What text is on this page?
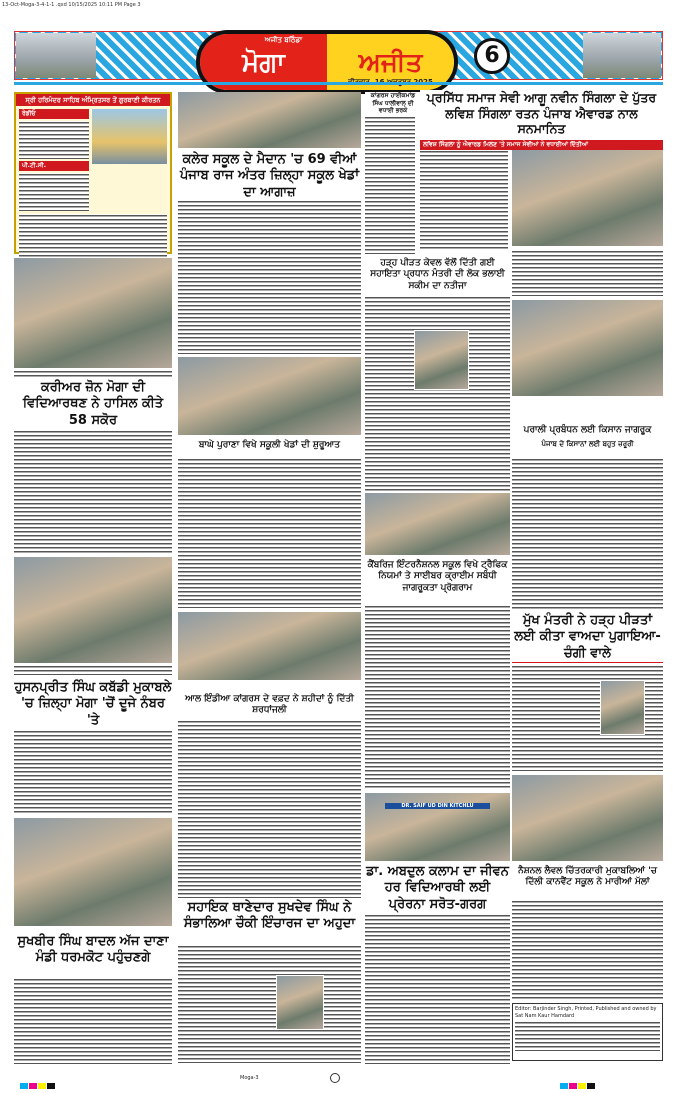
13-Oct-Moga-3-4-1-1 .qxd 10/15/2025 10:11 PM Page 3
ਅਜੀਤ ਬਠਿੰਡਾ
ਮੋਗਾ	ਅਜੀਤ	6
ਸ੍ਰੀ ਹਰਿਮੰਦਰ ਸਾਹਿਬ ਅੰਮ੍ਰਿਤਸਰ ਤੋਂ ਗੁਰਬਾਣੀ ਕੀਰਤਨ
ਰੇਡੀਓ
ਪੀ.ਟੀ.ਸੀ.
ਕਰੀਅਰ ਜ਼ੋਨ ਮੋਗਾ ਦੀ ਵਿਦਿਆਰਥਣ ਨੇ ਹਾਸਿਲ ਕੀਤੇ 58 ਸਕੋਰ
ਹੁਸਨਪ੍ਰੀਤ ਸਿੰਘ ਕਬੱਡੀ ਮੁਕਾਬਲੇ 'ਚ ਜ਼ਿਲ੍ਹਾ ਮੋਗਾ 'ਚੋਂ ਦੂਜੇ ਨੰਬਰ 'ਤੇ
ਸੁਖਬੀਰ ਸਿੰਘ ਬਾਦਲ ਅੱਜ ਦਾਣਾ ਮੰਡੀ ਧਰਮਕੋਟ ਪਹੁੰਚਣਗੇ
ਕਲੇਰ ਸਕੂਲ ਦੇ ਮੈਦਾਨ 'ਚ 69 ਵੀਆਂ ਪੰਜਾਬ ਰਾਜ ਅੰਤਰ ਜ਼ਿਲ੍ਹਾ ਸਕੂਲ ਖੇਡਾਂ ਦਾ ਆਗਾਜ਼
ਬਾਘੇ ਪੁਰਾਣਾ ਵਿਖੇ ਸਕੂਲੀ ਖੇਡਾਂ ਦੀ ਸ਼ੁਰੂਆਤ
ਆਲ ਇੰਡੀਆ ਕਾਂਗਰਸ ਦੇ ਵਫ਼ਦ ਨੇ ਸ਼ਹੀਦਾਂ ਨੂੰ ਦਿੱਤੀ ਸ਼ਰਧਾਂਜਲੀ
ਸਹਾਇਕ ਥਾਣੇਦਾਰ ਸੁਖਦੇਵ ਸਿੰਘ ਨੇ ਸੰਭਾਲਿਆ ਚੌਕੀ ਇੰਚਾਰਜ ਦਾ ਅਹੁਦਾ
ਕਾਂਗਰਸ ਹਾਈਕਮਾਂਡ ਸਿੰਘ ਧਾਲੀਵਾਲ ਦੀ ਵਧਾਈ ਭਰਕੇ
ਹੜ੍ਹ ਪੀੜਤ ਕੇਵਲ ਵੱਲੋਂ ਦਿੱਤੀ ਗਈ ਸਹਾਇਤਾ ਪ੍ਰਧਾਨ ਮੰਤਰੀ ਦੀ ਲੋਕ ਭਲਾਈ ਸਕੀਮ ਦਾ ਨਤੀਜਾ
ਕੈਂਬਰਿਜ ਇੰਟਰਨੈਸ਼ਨਲ ਸਕੂਲ ਵਿਖੇ ਟ੍ਰੈਫਿਕ ਨਿਯਮਾਂ ਤੇ ਸਾਈਬਰ ਕ੍ਰਾਈਮ ਸਬੰਧੀ ਜਾਗਰੂਕਤਾ ਪ੍ਰੋਗਰਾਮ
DR. SAIF UD DIN KITCHLU
ਡਾ. ਅਬਦੁਲ ਕਲਾਮ ਦਾ ਜੀਵਨ ਹਰ ਵਿਦਿਆਰਥੀ ਲਈ ਪ੍ਰੇਰਨਾ ਸਰੋਤ-ਗਰਗ
ਪ੍ਰਸਿੱਧ ਸਮਾਜ ਸੇਵੀ ਆਗੂ ਨਵੀਨ ਸਿੰਗਲਾ ਦੇ ਪੁੱਤਰ ਲਵਿਸ਼ ਸਿੰਗਲਾ ਰਤਨ ਪੰਜਾਬ ਐਵਾਰਡ ਨਾਲ ਸਨਮਾਨਿਤ
ਲਵਿਸ਼ ਸਿੰਗਲਾ ਨੂੰ ਐਵਾਰਡ ਮਿਲਣ 'ਤੇ ਸਮਾਜ ਸੇਵੀਆਂ ਨੇ ਵਧਾਈਆਂ ਦਿੱਤੀਆਂ
ਪਰਾਲੀ ਪ੍ਰਬੰਧਨ ਲਈ ਕਿਸਾਨ ਜਾਗਰੂਕ
ਪੰਜਾਬ ਦੇ ਕਿਸਾਨਾਂ ਲਈ ਬਹੁਤ ਜ਼ਰੂਰੀ
ਮੁੱਖ ਮੰਤਰੀ ਨੇ ਹੜ੍ਹ ਪੀੜਤਾਂ ਲਈ ਕੀਤਾ ਵਾਅਦਾ ਪੁਗਾਇਆ-ਚੰਗੀ ਵਾਲੇ
ਨੈਸ਼ਨਲ ਲੈਵਲ ਚਿੱਤਰਕਾਰੀ ਮੁਕਾਬਲਿਆਂ 'ਚ ਦਿੱਲੀ ਕਾਨਵੈਂਟ ਸਕੂਲ ਨੇ ਮਾਰੀਆਂ ਮੱਲਾਂ
Editor: Barjinder Singh, Printed, Published and owned by Sat Nam Kaur Hamdard
Moga-3
